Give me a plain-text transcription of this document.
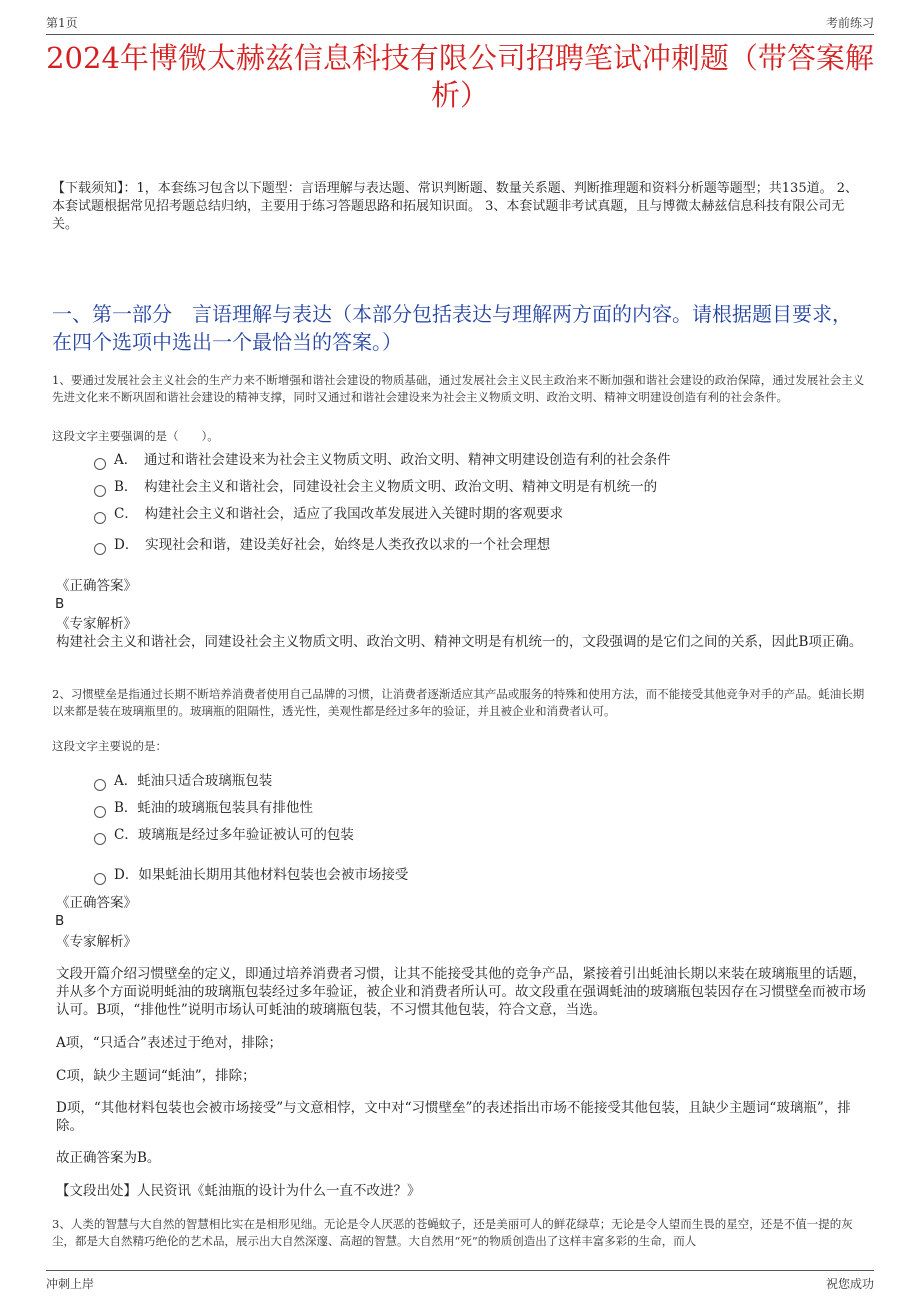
第1页	考前练习
2024年博微太赫兹信息科技有限公司招聘笔试冲刺题（带答案解析）
【下载须知】：1，本套练习包含以下题型：言语理解与表达题、常识判断题、数量关系题、判断推理题和资料分析题等题型；共135道。 2、本套试题根据常见招考题总结归纳，主要用于练习答题思路和拓展知识面。 3、本套试题非考试真题，且与博微太赫兹信息科技有限公司无关。
一、第一部分　言语理解与表达（本部分包括表达与理解两方面的内容。请根据题目要求，在四个选项中选出一个最恰当的答案。）
1、要通过发展社会主义社会的生产力来不断增强和谐社会建设的物质基础，通过发展社会主义民主政治来不断加强和谐社会建设的政治保障，通过发展社会主义先进文化来不断巩固和谐社会建设的精神支撑，同时又通过和谐社会建设来为社会主义物质文明、政治文明、精神文明建设创造有利的社会条件。
这段文字主要强调的是（　　）。
A．　通过和谐社会建设来为社会主义物质文明、政治文明、精神文明建设创造有利的社会条件
B．　构建社会主义和谐社会，同建设社会主义物质文明、政治文明、精神文明是有机统一的
C．　构建社会主义和谐社会，适应了我国改革发展进入关键时期的客观要求
D．　实现社会和谐，建设美好社会，始终是人类孜孜以求的一个社会理想
《正确答案》
B
《专家解析》
构建社会主义和谐社会，同建设社会主义物质文明、政治文明、精神文明是有机统一的，文段强调的是它们之间的关系，因此B项正确。
2、习惯壁垒是指通过长期不断培养消费者使用自己品牌的习惯，让消费者逐渐适应其产品或服务的特殊和使用方法，而不能接受其他竞争对手的产品。蚝油长期以来都是装在玻璃瓶里的。玻璃瓶的阻隔性，透光性，美观性都是经过多年的验证，并且被企业和消费者认可。
这段文字主要说的是：
A．蚝油只适合玻璃瓶包装
B．蚝油的玻璃瓶包装具有排他性
C．玻璃瓶是经过多年验证被认可的包装
D．如果蚝油长期用其他材料包装也会被市场接受
《正确答案》
B
《专家解析》
文段开篇介绍习惯壁垒的定义，即通过培养消费者习惯，让其不能接受其他的竞争产品，紧接着引出蚝油长期以来装在玻璃瓶里的话题，并从多个方面说明蚝油的玻璃瓶包装经过多年验证，被企业和消费者所认可。故文段重在强调蚝油的玻璃瓶包装因存在习惯壁垒而被市场认可。B项，“排他性”说明市场认可蚝油的玻璃瓶包装，不习惯其他包装，符合文意，当选。
A项，“只适合”表述过于绝对，排除；
C项，缺少主题词“蚝油”，排除；
D项，“其他材料包装也会被市场接受”与文意相悖，文中对“习惯壁垒”的表述指出市场不能接受其他包装，且缺少主题词“玻璃瓶”，排除。
故正确答案为B。
【文段出处】人民资讯《蚝油瓶的设计为什么一直不改进？》
3、人类的智慧与大自然的智慧相比实在是相形见绌。无论是令人厌恶的苍蝇蚊子，还是美丽可人的鲜花绿草；无论是令人望而生畏的星空，还是不值一提的灰尘，都是大自然精巧绝伦的艺术品，展示出大自然深邃、高超的智慧。大自然用“死”的物质创造出了这样丰富多彩的生命，而人
冲刺上岸	祝您成功
